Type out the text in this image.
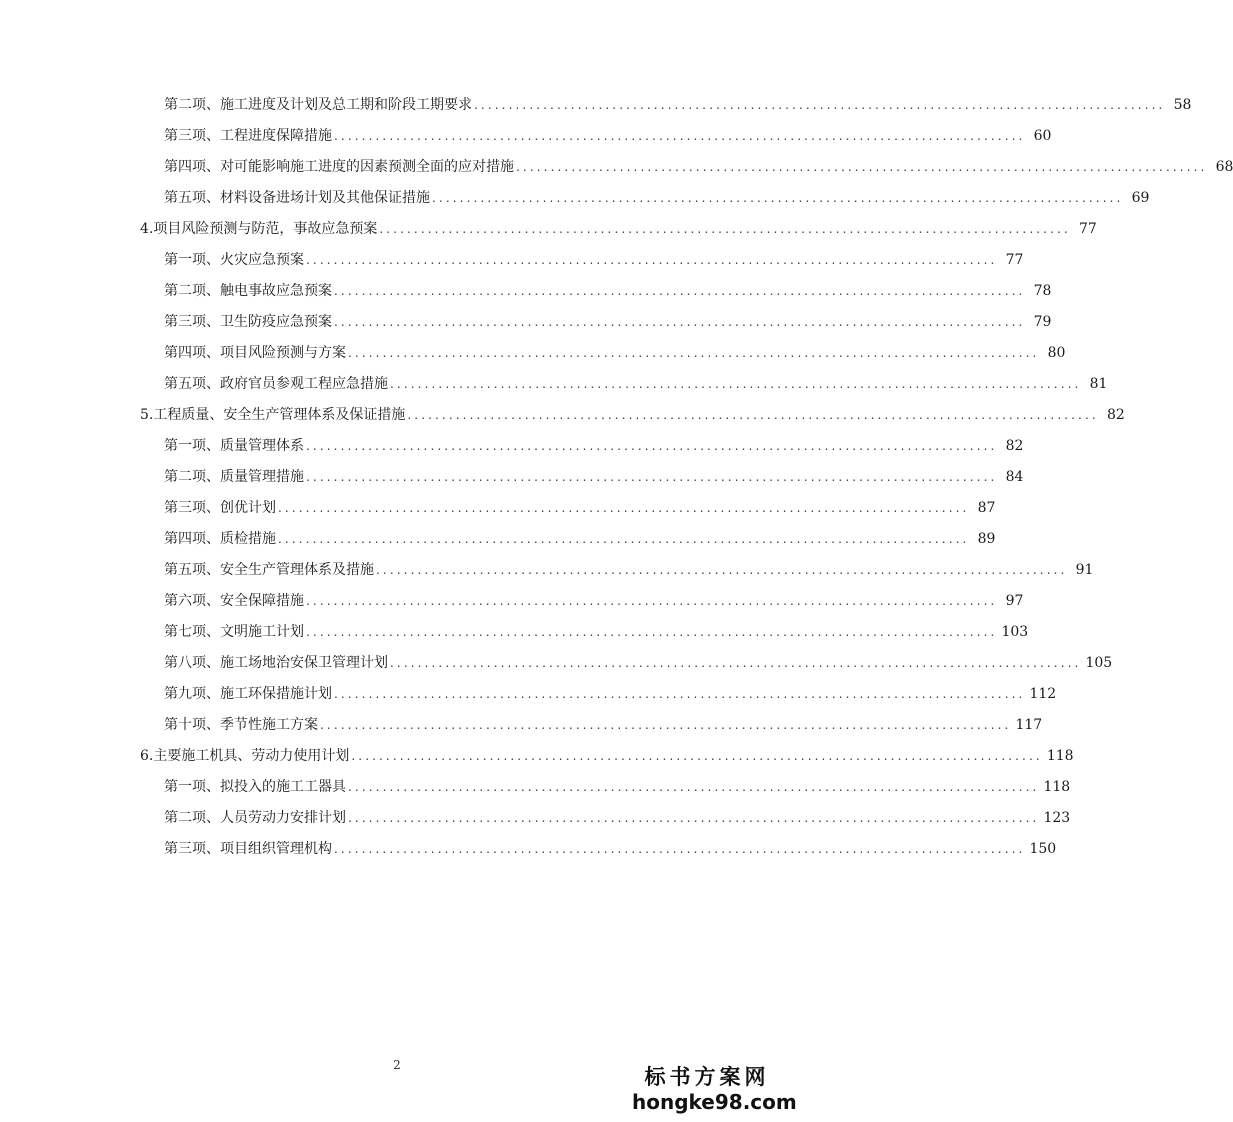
第二项、施工进度及计划及总工期和阶段工期要求 .................................................................................................... 58
第三项、工程进度保障措施 .................................................................................................... 60
第四项、对可能影响施工进度的因素预测全面的应对措施 .................................................................................................... 68
第五项、材料设备进场计划及其他保证措施 .................................................................................................... 69
4.项目风险预测与防范，事故应急预案 .................................................................................................... 77
第一项、火灾应急预案 .................................................................................................... 77
第二项、触电事故应急预案 .................................................................................................... 78
第三项、卫生防疫应急预案 .................................................................................................... 79
第四项、项目风险预测与方案 .................................................................................................... 80
第五项、政府官员参观工程应急措施 .................................................................................................... 81
5.工程质量、安全生产管理体系及保证措施 .................................................................................................... 82
第一项、质量管理体系 .................................................................................................... 82
第二项、质量管理措施 .................................................................................................... 84
第三项、创优计划 .................................................................................................... 87
第四项、质检措施 .................................................................................................... 89
第五项、安全生产管理体系及措施 .................................................................................................... 91
第六项、安全保障措施 .................................................................................................... 97
第七项、文明施工计划 .................................................................................................... 103
第八项、施工场地治安保卫管理计划 .................................................................................................... 105
第九项、施工环保措施计划 .................................................................................................... 112
第十项、季节性施工方案 .................................................................................................... 117
6.主要施工机具、劳动力使用计划 .................................................................................................... 118
第一项、拟投入的施工工器具 .................................................................................................... 118
第二项、人员劳动力安排计划 .................................................................................................... 123
第三项、项目组织管理机构 .................................................................................................... 150
2	标书方案网
hongke98.com
